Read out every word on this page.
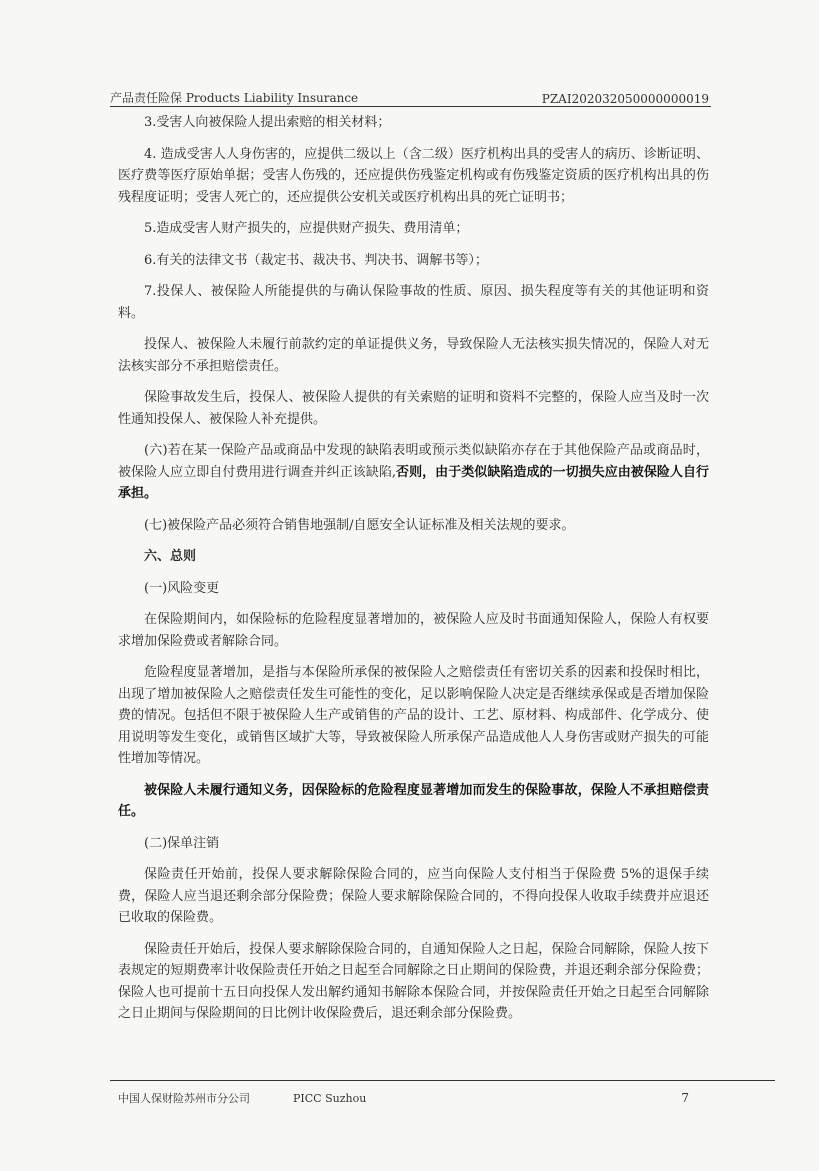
产品责任险保 Products Liability Insurance	PZAI202032050000000019

3.受害人向被保险人提出索赔的相关材料；

4. 造成受害人人身伤害的，应提供二级以上（含二级）医疗机构出具的受害人的病历、诊断证明、医疗费等医疗原始单据；受害人伤残的，还应提供伤残鉴定机构或有伤残鉴定资质的医疗机构出具的伤残程度证明；受害人死亡的，还应提供公安机关或医疗机构出具的死亡证明书；

5.造成受害人财产损失的，应提供财产损失、费用清单；

6.有关的法律文书（裁定书、裁决书、判决书、调解书等）；

7.投保人、被保险人所能提供的与确认保险事故的性质、原因、损失程度等有关的其他证明和资料。

投保人、被保险人未履行前款约定的单证提供义务，导致保险人无法核实损失情况的，保险人对无法核实部分不承担赔偿责任。

保险事故发生后，投保人、被保险人提供的有关索赔的证明和资料不完整的，保险人应当及时一次性通知投保人、被保险人补充提供。

(六)若在某一保险产品或商品中发现的缺陷表明或预示类似缺陷亦存在于其他保险产品或商品时，被保险人应立即自付费用进行调查并纠正该缺陷,否则，由于类似缺陷造成的一切损失应由被保险人自行承担。

(七)被保险产品必须符合销售地强制/自愿安全认证标准及相关法规的要求。

六、总则

(一)风险变更

在保险期间内，如保险标的危险程度显著增加的，被保险人应及时书面通知保险人，保险人有权要求增加保险费或者解除合同。

危险程度显著增加，是指与本保险所承保的被保险人之赔偿责任有密切关系的因素和投保时相比，出现了增加被保险人之赔偿责任发生可能性的变化，足以影响保险人决定是否继续承保或是否增加保险费的情况。包括但不限于被保险人生产或销售的产品的设计、工艺、原材料、构成部件、化学成分、使用说明等发生变化，或销售区域扩大等，导致被保险人所承保产品造成他人人身伤害或财产损失的可能性增加等情况。

被保险人未履行通知义务，因保险标的危险程度显著增加而发生的保险事故，保险人不承担赔偿责任。

(二)保单注销

保险责任开始前，投保人要求解除保险合同的，应当向保险人支付相当于保险费 5%的退保手续费，保险人应当退还剩余部分保险费；保险人要求解除保险合同的，不得向投保人收取手续费并应退还已收取的保险费。

保险责任开始后，投保人要求解除保险合同的，自通知保险人之日起，保险合同解除，保险人按下表规定的短期费率计收保险责任开始之日起至合同解除之日止期间的保险费，并退还剩余部分保险费；保险人也可提前十五日向投保人发出解约通知书解除本保险合同，并按保险责任开始之日起至合同解除之日止期间与保险期间的日比例计收保险费后，退还剩余部分保险费。

中国人保财险苏州市分公司	PICC Suzhou	7
